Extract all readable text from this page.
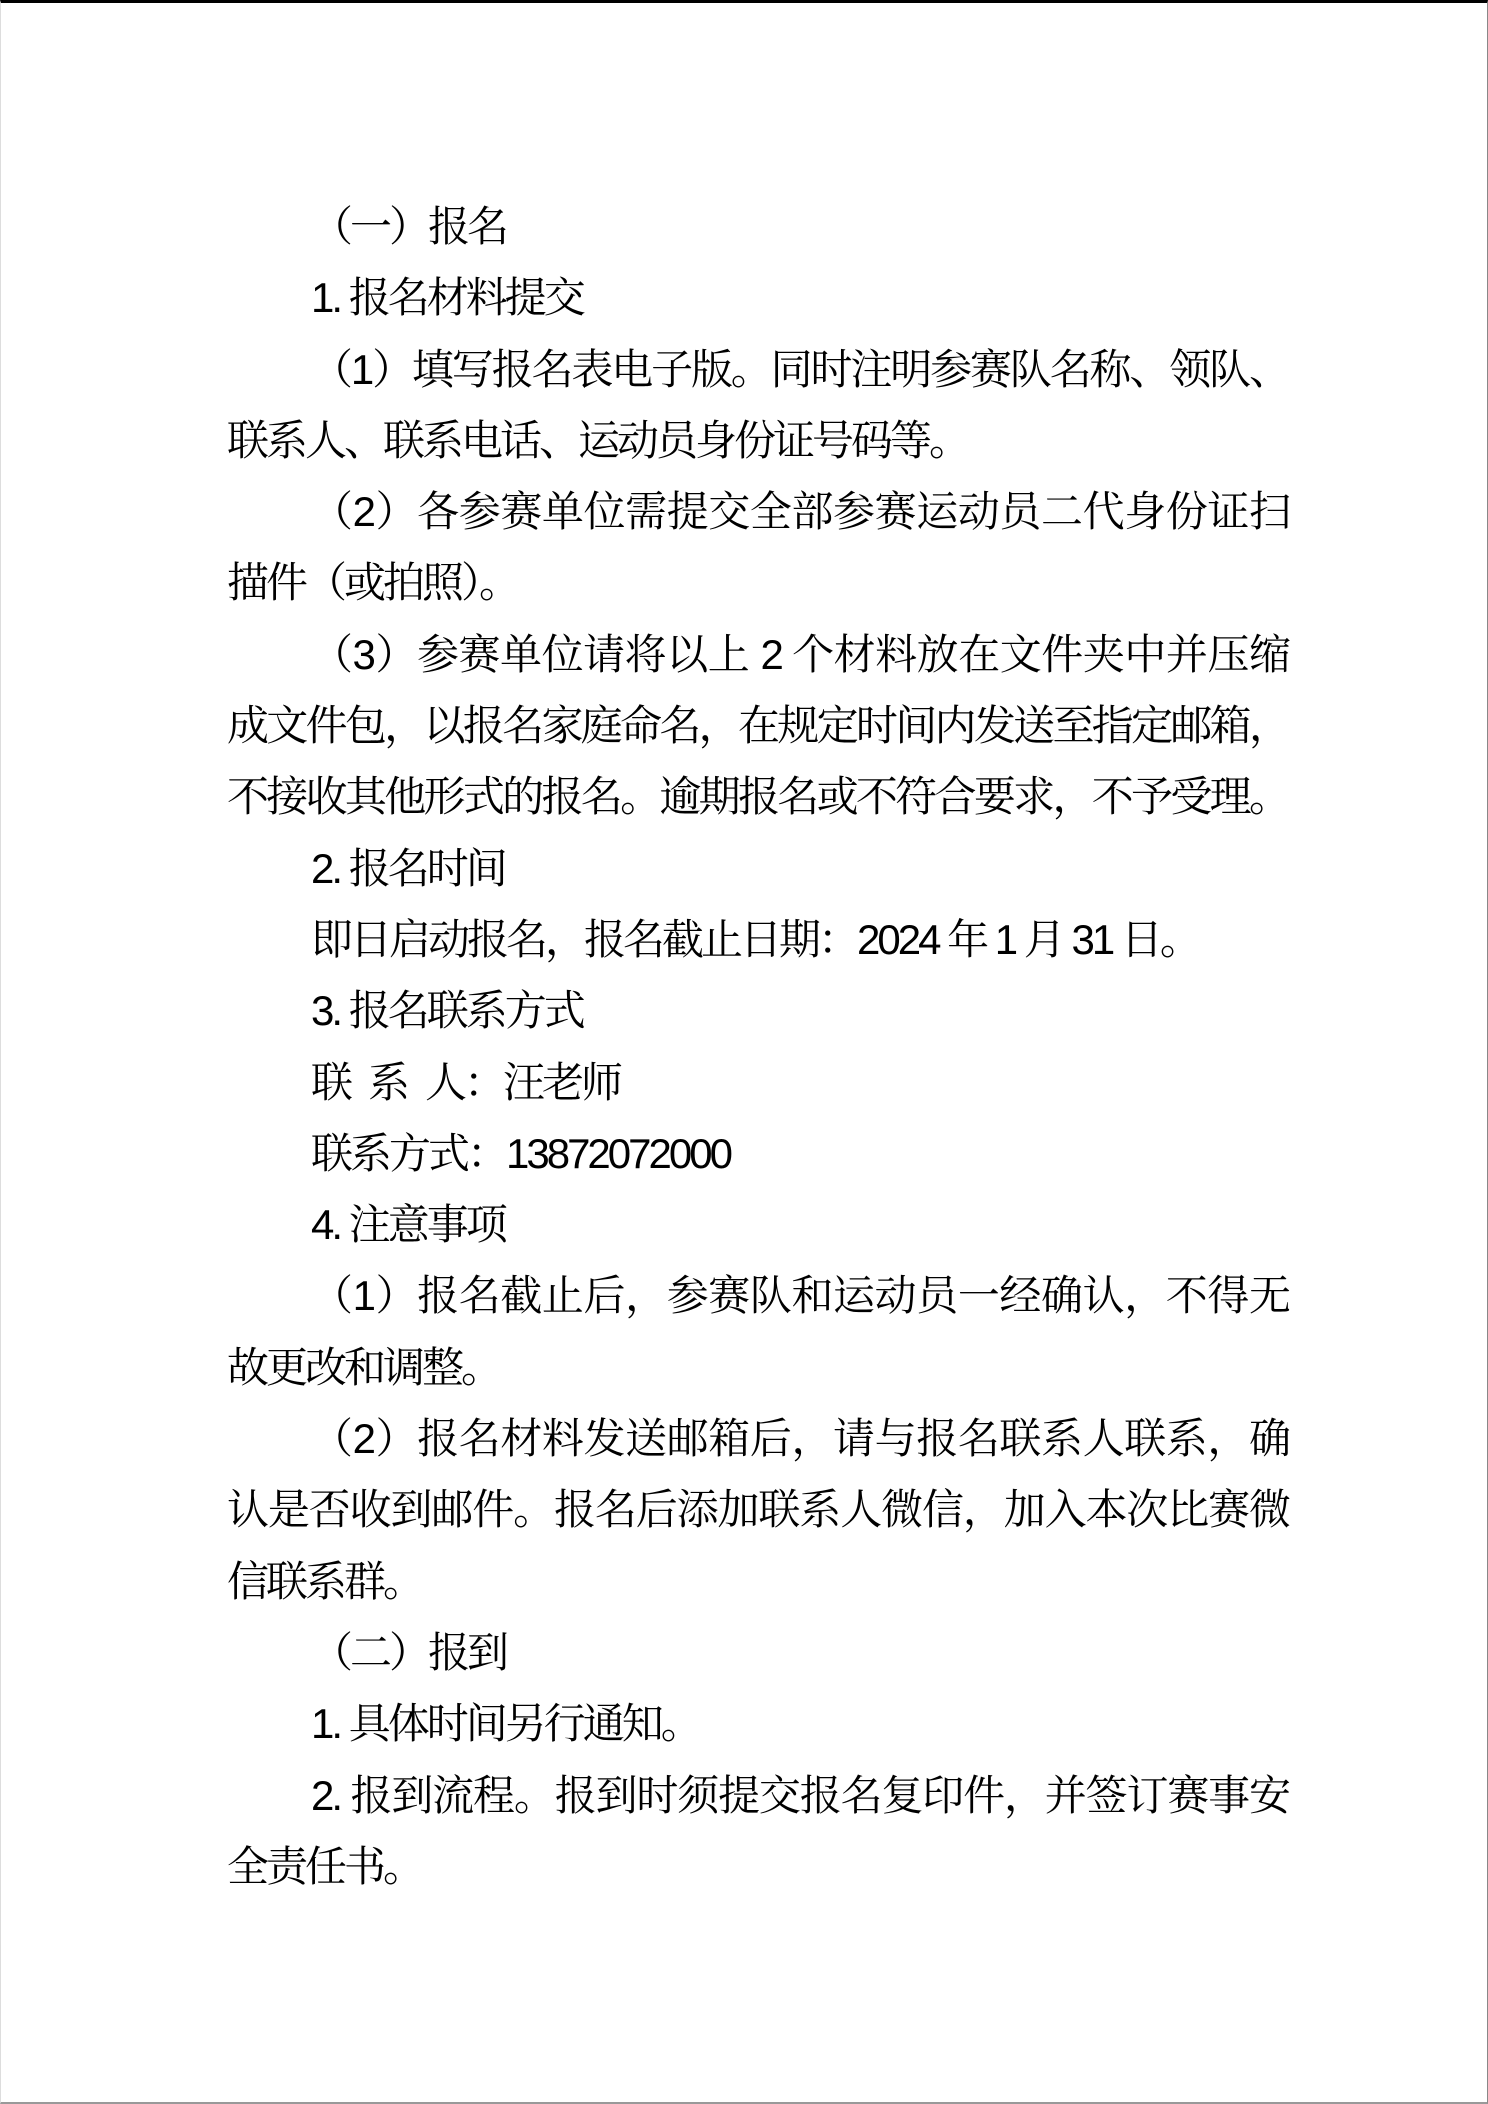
（一）报名
1. 报名材料提交
（1）填写报名表电子版。同时注明参赛队名称、领队、
联系人、联系电话、运动员身份证号码等。
（2）各参赛单位需提交全部参赛运动员二代身份证扫
描件（或拍照）。
（3）参赛单位请将以上 2 个材料放在文件夹中并压缩
成文件包，以报名家庭命名，在规定时间内发送至指定邮箱，
不接收其他形式的报名。逾期报名或不符合要求，不予受理。
2. 报名时间
即日启动报名，报名截止日期：2024 年 1 月 31 日。
3. 报名联系方式
联 系 人：汪老师
联系方式：13872072000
4. 注意事项
（1）报名截止后，参赛队和运动员一经确认，不得无
故更改和调整。
（2）报名材料发送邮箱后，请与报名联系人联系，确
认是否收到邮件。报名后添加联系人微信，加入本次比赛微
信联系群。
（二）报到
1. 具体时间另行通知。
2. 报到流程。报到时须提交报名复印件，并签订赛事安
全责任书。
